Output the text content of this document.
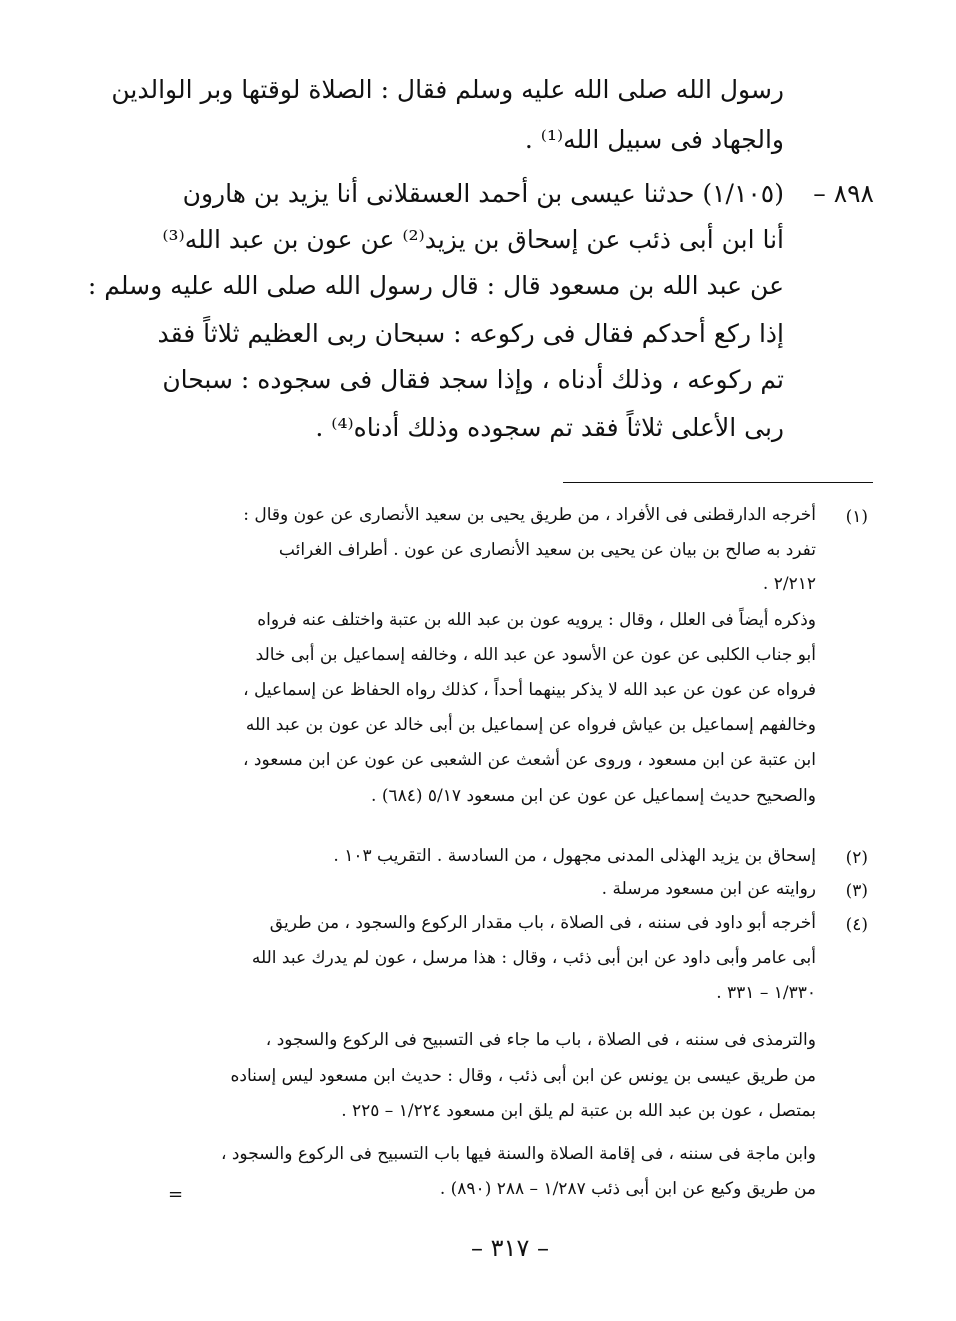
رسول الله صلى الله عليه وسلم فقال : الصلاة لوقتها وبر الوالدين
والجهاد فى سبيل الله⁽¹⁾ .
٨٩٨ –
(١/١٠٥) حدثنا عيسى بن أحمد العسقلانى أنا يزيد بن هارون
أنا ابن أبى ذئب عن إسحاق بن يزيد⁽²⁾ عن عون بن عبد الله⁽³⁾
عن عبد الله بن مسعود قال : قال رسول الله صلى الله عليه وسلم :
إذا ركع أحدكم فقال فى ركوعه : سبحان ربى العظيم ثلاثاً فقد
تم ركوعه ، وذلك أدناه ، وإذا سجد فقال فى سجوده : سبحان
ربى الأعلى ثلاثاً فقد تم سجوده وذلك أدناه⁽⁴⁾ .
(١)
(٢)
(٣)
(٤)
أخرجه الدارقطنى فى الأفراد ، من طريق يحيى بن سعيد الأنصارى عن عون وقال :
تفرد به صالح بن بيان عن يحيى بن سعيد الأنصارى عن عون . أطراف الغرائب
٢/٢١٢ .
وذكره أيضاً فى العلل ، وقال : يرويه عون بن عبد الله بن عتبة واختلف عنه فرواه
أبو جناب الكلبى عن عون عن الأسود عن عبد الله ، وخالفه إسماعيل بن أبى خالد
فرواه عن عون عن عبد الله لا يذكر بينهما أحداً ، كذلك رواه الحفاظ عن إسماعيل ،
وخالفهم إسماعيل بن عياش فرواه عن إسماعيل بن أبى خالد عن عون بن عبد الله
ابن عتبة عن ابن مسعود ، وروى عن أشعث عن الشعبى عن عون عن ابن مسعود ،
والصحيح حديث إسماعيل عن عون عن ابن مسعود ٥/١٧ (٦٨٤) .
إسحاق بن يزيد الهذلى المدنى مجهول ، من السادسة . التقريب ١٠٣ .
روايته عن ابن مسعود مرسلة .
أخرجه أبو داود فى سننه ، فى الصلاة ، باب مقدار الركوع والسجود ، من طريق
أبى عامر وأبى داود عن ابن أبى ذئب ، وقال : هذا مرسل ، عون لم يدرك عبد الله
١/٣٣٠ – ٣٣١ .
والترمذى فى سننه ، فى الصلاة ، باب ما جاء فى التسبيح فى الركوع والسجود ،
من طريق عيسى بن يونس عن ابن أبى ذئب ، وقال : حديث ابن مسعود ليس إسناده
بمتصل ، عون بن عبد الله بن عتبة لم يلق ابن مسعود ١/٢٢٤ – ٢٢٥ .
وابن ماجة فى سننه ، فى إقامة الصلاة والسنة فيها باب التسبيح فى الركوع والسجود ،
من طريق وكيع عن ابن أبى ذئب ١/٢٨٧ – ٢٨٨ (٨٩٠) .
=
– ٣١٧ –
